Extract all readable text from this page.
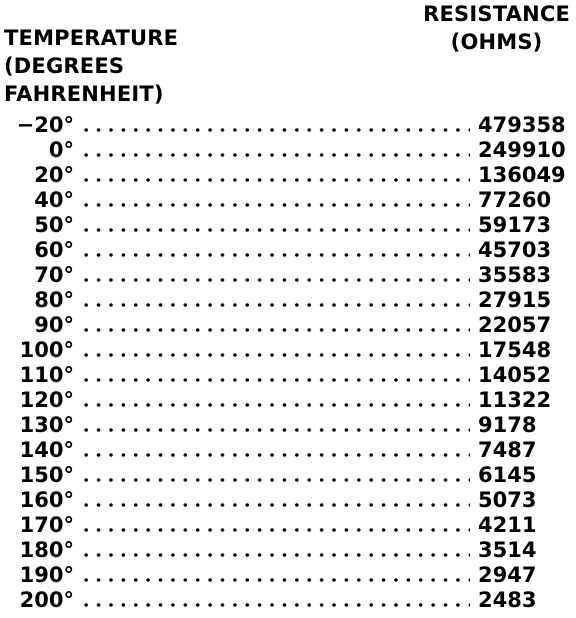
TEMPERATURE
(DEGREES
FAHRENHEIT)
RESISTANCE
(OHMS)
−20°	479358
0°	249910
20°	136049
40°	77260
50°	59173
60°	45703
70°	35583
80°	27915
90°	22057
100°	17548
110°	14052
120°	11322
130°	9178
140°	7487
150°	6145
160°	5073
170°	4211
180°	3514
190°	2947
200°	2483
